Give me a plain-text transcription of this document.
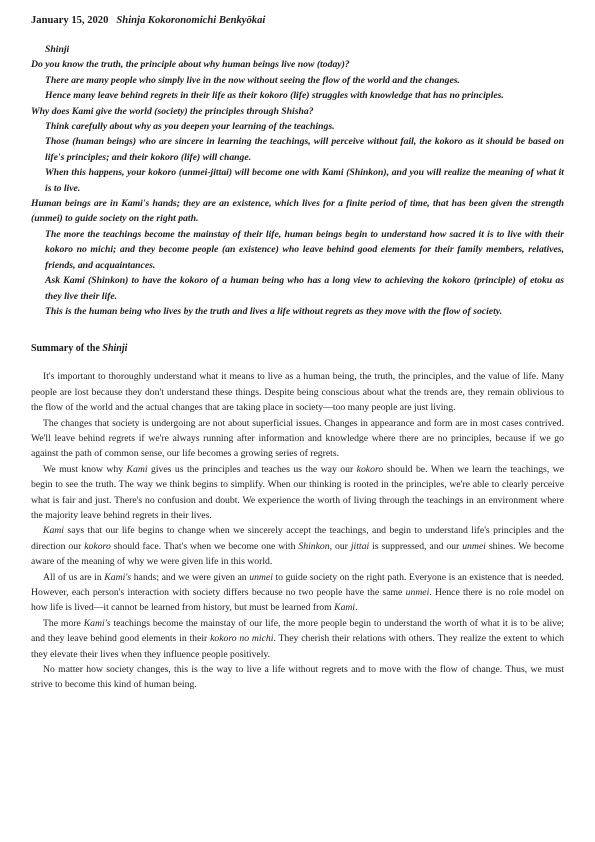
January 15, 2020 Shinja Kokoronomichi Benkyōkai

Shinji

Do you know the truth, the principle about why human beings live now (today)?

There are many people who simply live in the now without seeing the flow of the world and the changes.

Hence many leave behind regrets in their life as their kokoro (life) struggles with knowledge that has no principles.

Why does Kami give the world (society) the principles through Shisha?

Think carefully about why as you deepen your learning of the teachings.

Those (human beings) who are sincere in learning the teachings, will perceive without fail, the kokoro as it should be based on life's principles; and their kokoro (life) will change.

When this happens, your kokoro (unmei-jittai) will become one with Kami (Shinkon), and you will realize the meaning of what it is to live.

Human beings are in Kami's hands; they are an existence, which lives for a finite period of time, that has been given the strength (unmei) to guide society on the right path.

The more the teachings become the mainstay of their life, human beings begin to understand how sacred it is to live with their kokoro no michi; and they become people (an existence) who leave behind good elements for their family members, relatives, friends, and acquaintances.

Ask Kami (Shinkon) to have the kokoro of a human being who has a long view to achieving the kokoro (principle) of etoku as they live their life.

This is the human being who lives by the truth and lives a life without regrets as they move with the flow of society.

Summary of the Shinji

It's important to thoroughly understand what it means to live as a human being, the truth, the principles, and the value of life. Many people are lost because they don't understand these things. Despite being conscious about what the trends are, they remain oblivious to the flow of the world and the actual changes that are taking place in society—too many people are just living.

The changes that society is undergoing are not about superficial issues. Changes in appearance and form are in most cases contrived. We'll leave behind regrets if we're always running after information and knowledge where there are no principles, because if we go against the path of common sense, our life becomes a growing series of regrets.

We must know why Kami gives us the principles and teaches us the way our kokoro should be. When we learn the teachings, we begin to see the truth. The way we think begins to simplify. When our thinking is rooted in the principles, we're able to clearly perceive what is fair and just. There's no confusion and doubt. We experience the worth of living through the teachings in an environment where the majority leave behind regrets in their lives.

Kami says that our life begins to change when we sincerely accept the teachings, and begin to understand life's principles and the direction our kokoro should face. That's when we become one with Shinkon, our jittai is suppressed, and our unmei shines. We become aware of the meaning of why we were given life in this world.

All of us are in Kami's hands; and we were given an unmei to guide society on the right path. Everyone is an existence that is needed. However, each person's interaction with society differs because no two people have the same unmei. Hence there is no role model on how life is lived—it cannot be learned from history, but must be learned from Kami.

The more Kami's teachings become the mainstay of our life, the more people begin to understand the worth of what it is to be alive; and they leave behind good elements in their kokoro no michi. They cherish their relations with others. They realize the extent to which they elevate their lives when they influence people positively.

No matter how society changes, this is the way to live a life without regrets and to move with the flow of change. Thus, we must strive to become this kind of human being.
